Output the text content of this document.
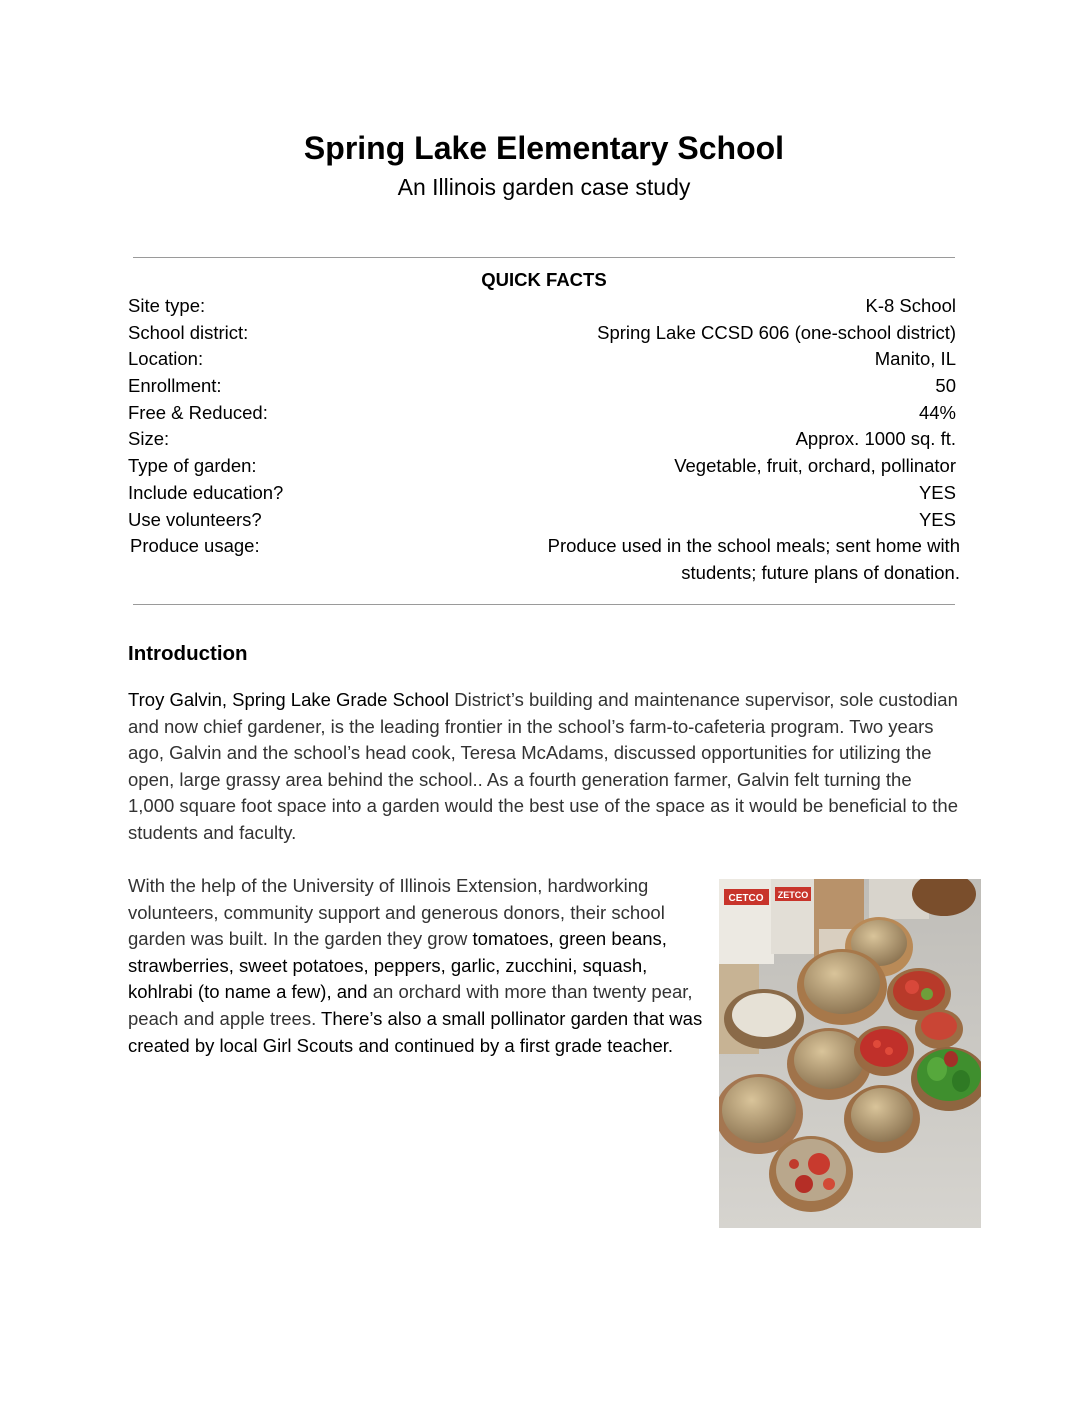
Spring Lake Elementary School
An Illinois garden case study
QUICK FACTS
Site type:	K-8 School
School district:	Spring Lake CCSD 606 (one-school district)
Location:	Manito, IL
Enrollment:	50
Free & Reduced:	44%
Size:	Approx. 1000 sq. ft.
Type of garden:	Vegetable, fruit, orchard, pollinator
Include education?	YES
Use volunteers?	YES
Produce usage:	Produce used in the school meals; sent home with students; future plans of donation.
Introduction

Troy Galvin, Spring Lake Grade School District’s building and maintenance supervisor, sole custodian and now chief gardener, is the leading frontier in the school’s farm-to-cafeteria program. Two years ago, Galvin and the school’s head cook, Teresa McAdams, discussed opportunities for utilizing the open, large grassy area behind the school.. As a fourth generation farmer, Galvin felt turning the 1,000 square foot space into a garden would the best use of the space as it would be beneficial to the students and faculty.

With the help of the University of Illinois Extension, hardworking volunteers, community support and generous donors, their school garden was built. In the garden they grow tomatoes, green beans, strawberries, sweet potatoes, peppers, garlic, zucchini, squash, kohlrabi (to name a few), and an orchard with more than twenty pear, peach and apple trees. There’s also a small pollinator garden that was created by local Girl Scouts and continued by a first grade teacher.

CETCO ZETCO
